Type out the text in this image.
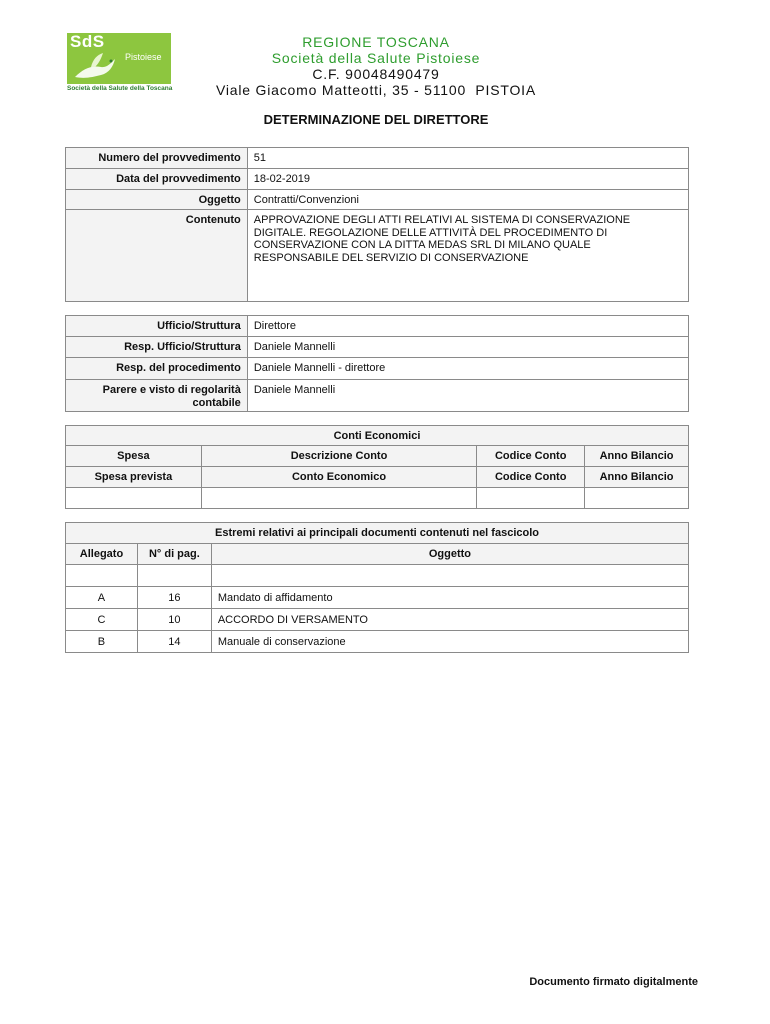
SdS
Pistoiese
Società della Salute della Toscana
REGIONE TOSCANA
Società della Salute Pistoiese
C.F. 90048490479
Viale Giacomo Matteotti, 35 - 51100  PISTOIA
DETERMINAZIONE DEL DIRETTORE
Numero del provvedimento	51
Data del provvedimento	18-02-2019
Oggetto	Contratti/Convenzioni
Contenuto	APPROVAZIONE DEGLI ATTI RELATIVI AL SISTEMA DI CONSERVAZIONE DIGITALE. REGOLAZIONE DELLE ATTIVITÀ DEL PROCEDIMENTO DI CONSERVAZIONE CON LA DITTA MEDAS SRL DI MILANO QUALE RESPONSABILE DEL SERVIZIO DI CONSERVAZIONE
Ufficio/Struttura	Direttore
Resp. Ufficio/Struttura	Daniele Mannelli
Resp. del procedimento	Daniele Mannelli - direttore
Parere e visto di regolarità contabile	Daniele Mannelli
Conti Economici			
Spesa	Descrizione Conto	Codice Conto	Anno Bilancio
Spesa prevista	Conto Economico	Codice Conto	Anno Bilancio

Estremi relativi ai principali documenti contenuti nel fascicolo		
Allegato	N° di pag.	Oggetto

A	16	Mandato di affidamento
C	10	ACCORDO DI VERSAMENTO
B	14	Manuale di conservazione
Documento firmato digitalmente
